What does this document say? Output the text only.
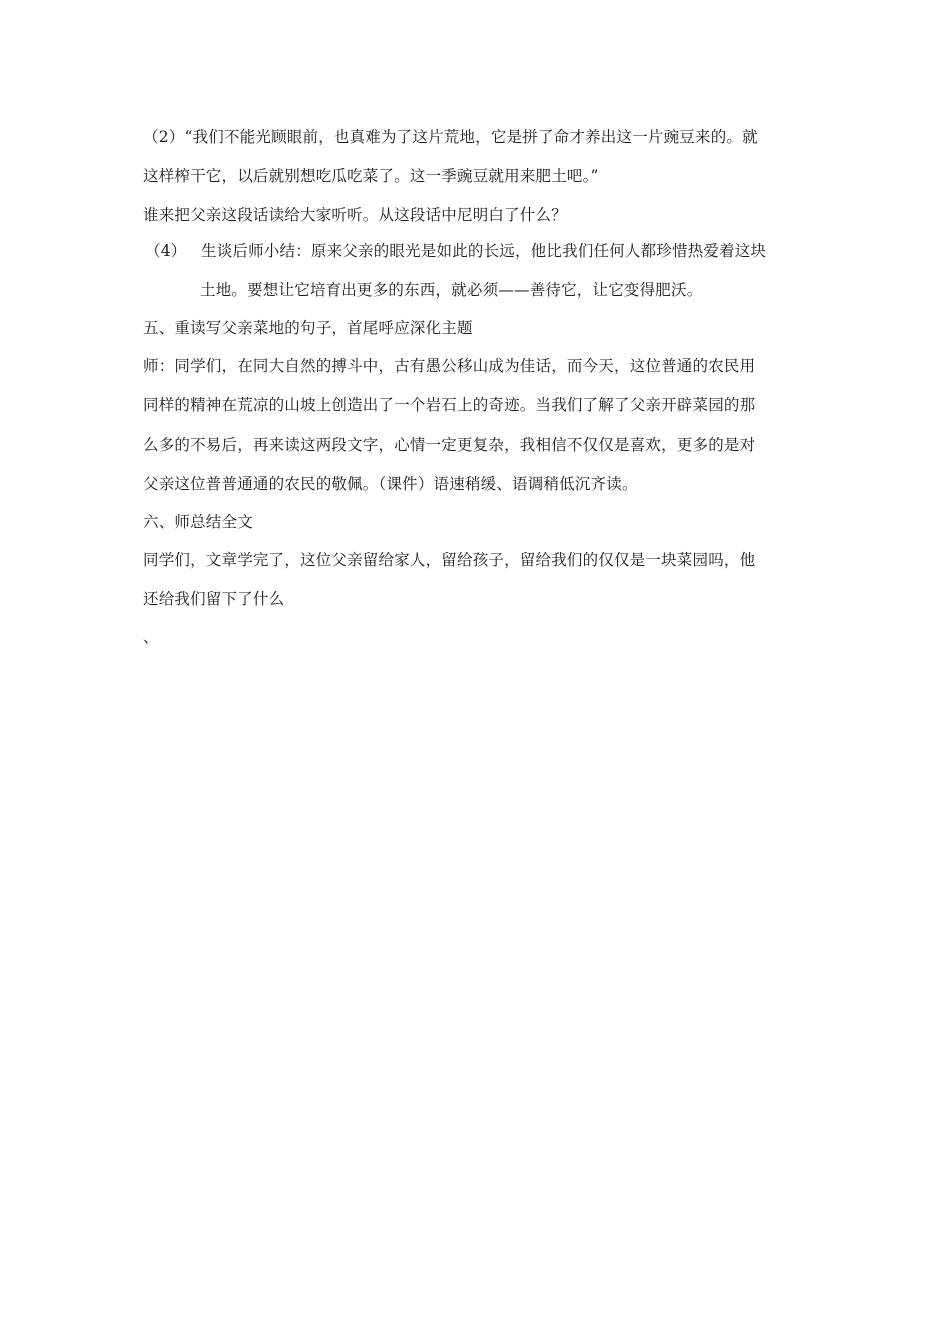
（2）“我们不能光顾眼前，也真难为了这片荒地，它是拼了命才养出这一片豌豆来的。就
这样榨干它，以后就别想吃瓜吃菜了。这一季豌豆就用来肥土吧。”
谁来把父亲这段话读给大家听听。从这段话中尼明白了什么？
（4） 生谈后师小结：原来父亲的眼光是如此的长远，他比我们任何人都珍惜热爱着这块
土地。要想让它培育出更多的东西，就必须——善待它，让它变得肥沃。
五、重读写父亲菜地的句子，首尾呼应深化主题
师：同学们，在同大自然的搏斗中，古有愚公移山成为佳话，而今天，这位普通的农民用
同样的精神在荒凉的山坡上创造出了一个岩石上的奇迹。当我们了解了父亲开辟菜园的那
么多的不易后，再来读这两段文字，心情一定更复杂，我相信不仅仅是喜欢，更多的是对
父亲这位普普通通的农民的敬佩。（课件）语速稍缓、语调稍低沉齐读。
六、师总结全文
同学们，文章学完了，这位父亲留给家人，留给孩子，留给我们的仅仅是一块菜园吗，他
还给我们留下了什么
、
